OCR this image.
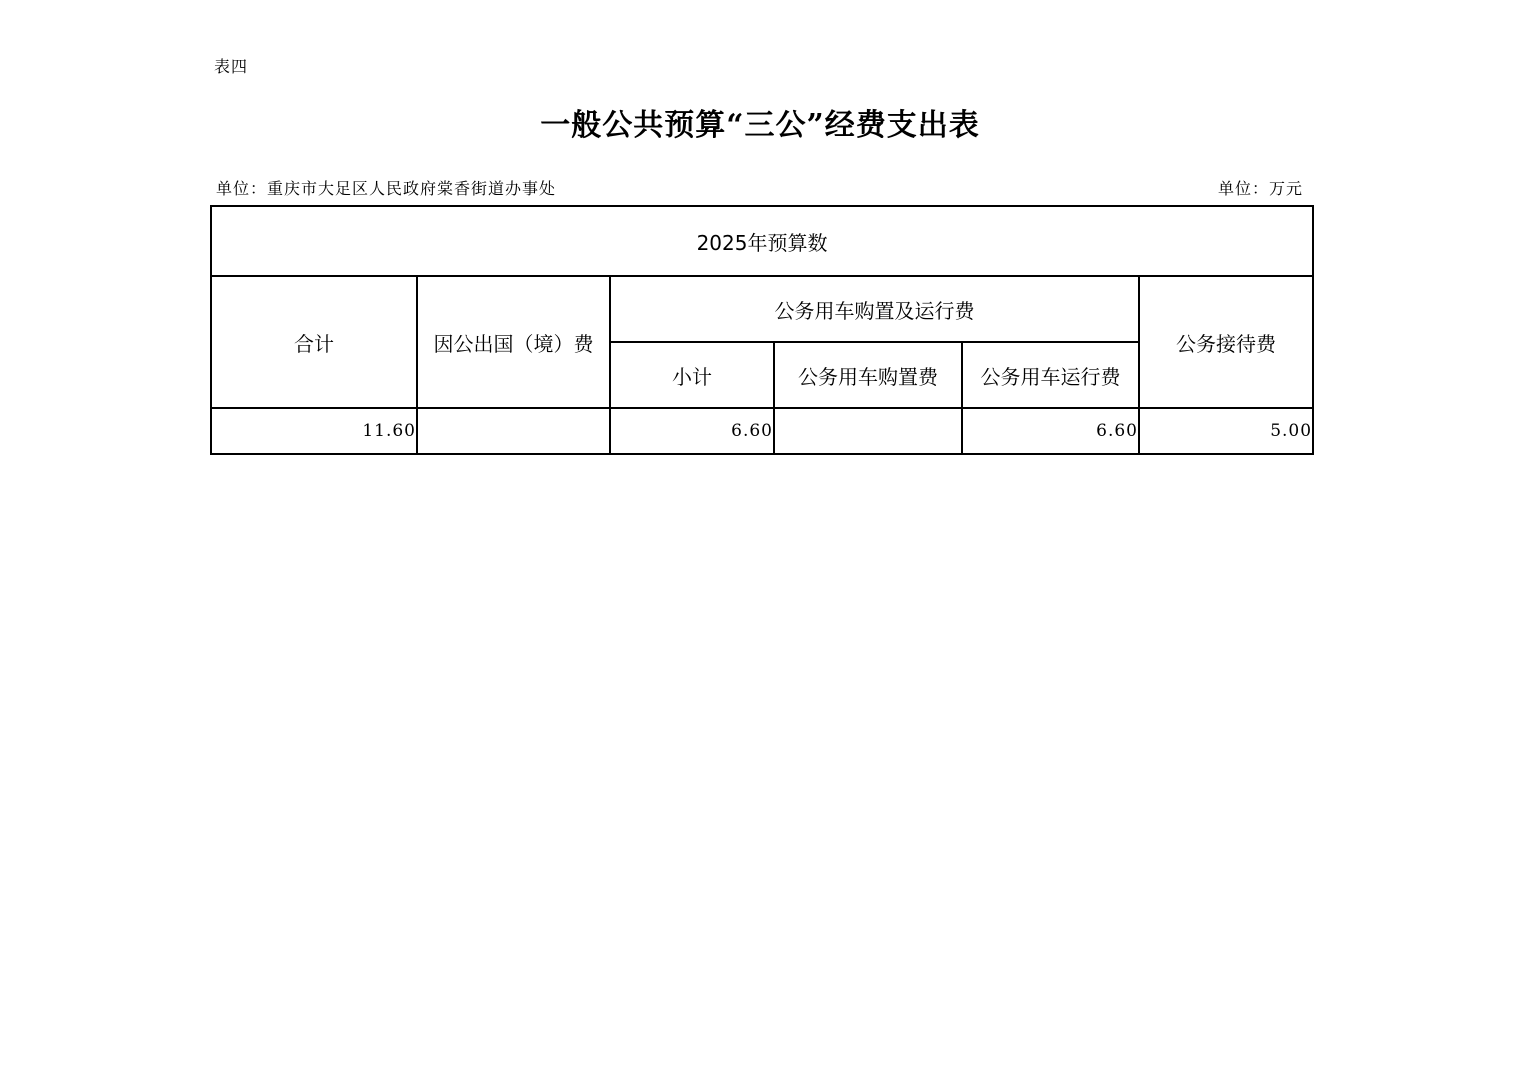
表四
一般公共预算“三公”经费支出表
单位：重庆市大足区人民政府棠香街道办事处	单位：万元
2025年预算数					
合计	因公出国（境）费	公务用车购置及运行费			公务接待费
		小计	公务用车购置费	公务用车运行费	
11.60		6.60		6.60	5.00
